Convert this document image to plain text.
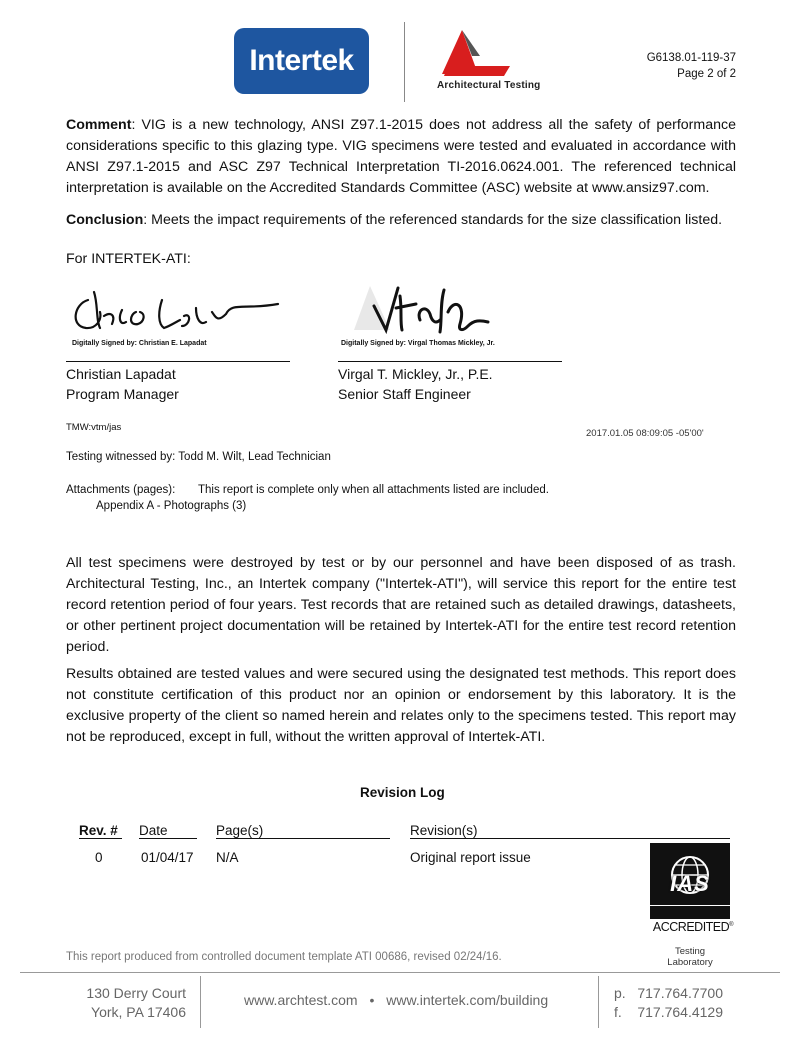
Intertek
Architectural Testing
G6138.01-119-37
Page 2 of 2
Comment: VIG is a new technology, ANSI Z97.1-2015 does not address all the safety of performance considerations specific to this glazing type. VIG specimens were tested and evaluated in accordance with ANSI Z97.1-2015 and ASC Z97 Technical Interpretation TI-2016.0624.001. The referenced technical interpretation is available on the Accredited Standards Committee (ASC) website at www.ansiz97.com.
Conclusion: Meets the impact requirements of the referenced standards for the size classification listed.
For INTERTEK-ATI:
Digitally Signed by: Christian E. Lapadat
Christian Lapadat
Program Manager
Digitally Signed by: Virgal Thomas Mickley, Jr.
Virgal T. Mickley, Jr., P.E.
Senior Staff Engineer
TMW:vtm/jas
2017.01.05 08:09:05 -05'00'
Testing witnessed by: Todd M. Wilt, Lead Technician
Attachments (pages): This report is complete only when all attachments listed are included.
Appendix A - Photographs (3)
All test specimens were destroyed by test or by our personnel and have been disposed of as trash. Architectural Testing, Inc., an Intertek company ("Intertek-ATI"), will service this report for the entire test record retention period of four years. Test records that are retained such as detailed drawings, datasheets, or other pertinent project documentation will be retained by Intertek-ATI for the entire test record retention period.
Results obtained are tested values and were secured using the designated test methods. This report does not constitute certification of this product nor an opinion or endorsement by this laboratory. It is the exclusive property of the client so named herein and relates only to the specimens tested. This report may not be reproduced, except in full, without the written approval of Intertek-ATI.
Revision Log
Rev. #	Date	Page(s)	Revision(s)
0	01/04/17 N/A	Original report issue
IAS
ACCREDITED®
Testing
Laboratory
This report produced from controlled document template ATI 00686, revised 02/24/16.
130 Derry Court
York, PA 17406
www.archtest.com • www.intertek.com/building	p. 717.764.7700
f. 717.764.4129
